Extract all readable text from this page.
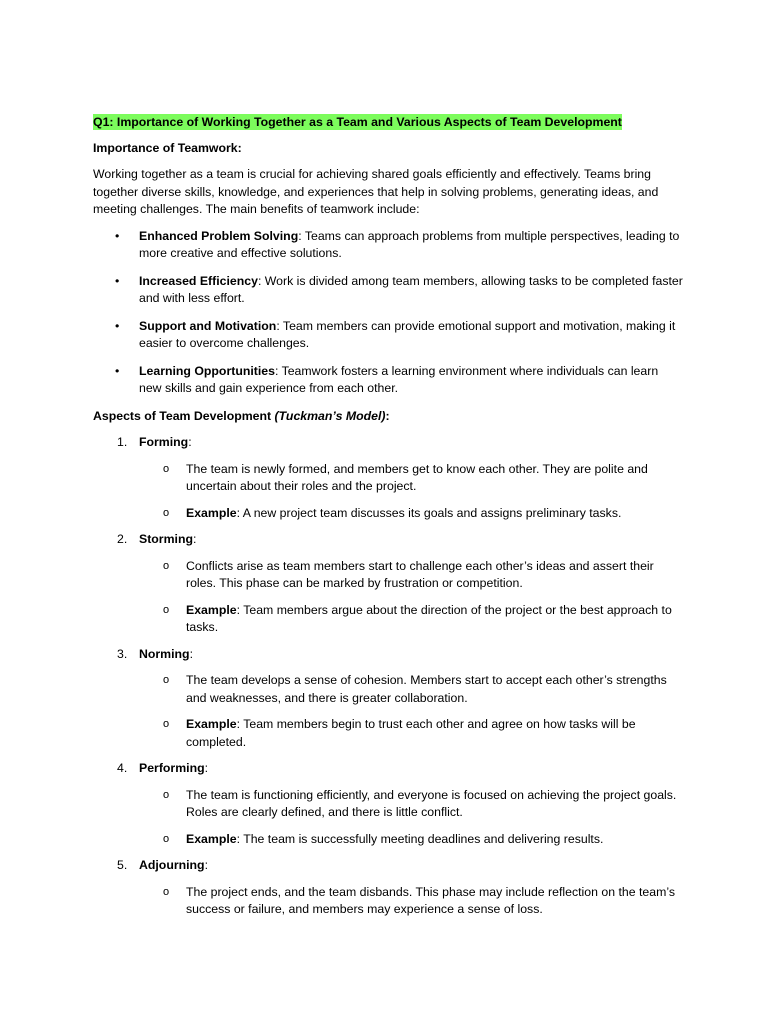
Q1: Importance of Working Together as a Team and Various Aspects of Team Development
Importance of Teamwork:
Working together as a team is crucial for achieving shared goals efficiently and effectively. Teams bring together diverse skills, knowledge, and experiences that help in solving problems, generating ideas, and meeting challenges. The main benefits of teamwork include:
• Enhanced Problem Solving: Teams can approach problems from multiple perspectives, leading to more creative and effective solutions.
• Increased Efficiency: Work is divided among team members, allowing tasks to be completed faster and with less effort.
• Support and Motivation: Team members can provide emotional support and motivation, making it easier to overcome challenges.
• Learning Opportunities: Teamwork fosters a learning environment where individuals can learn new skills and gain experience from each other.
Aspects of Team Development (Tuckman’s Model):
1. Forming:
o The team is newly formed, and members get to know each other. They are polite and uncertain about their roles and the project.
o Example: A new project team discusses its goals and assigns preliminary tasks.
2. Storming:
o Conflicts arise as team members start to challenge each other’s ideas and assert their roles. This phase can be marked by frustration or competition.
o Example: Team members argue about the direction of the project or the best approach to tasks.
3. Norming:
o The team develops a sense of cohesion. Members start to accept each other’s strengths and weaknesses, and there is greater collaboration.
o Example: Team members begin to trust each other and agree on how tasks will be completed.
4. Performing:
o The team is functioning efficiently, and everyone is focused on achieving the project goals. Roles are clearly defined, and there is little conflict.
o Example: The team is successfully meeting deadlines and delivering results.
5. Adjourning:
o The project ends, and the team disbands. This phase may include reflection on the team’s success or failure, and members may experience a sense of loss.
